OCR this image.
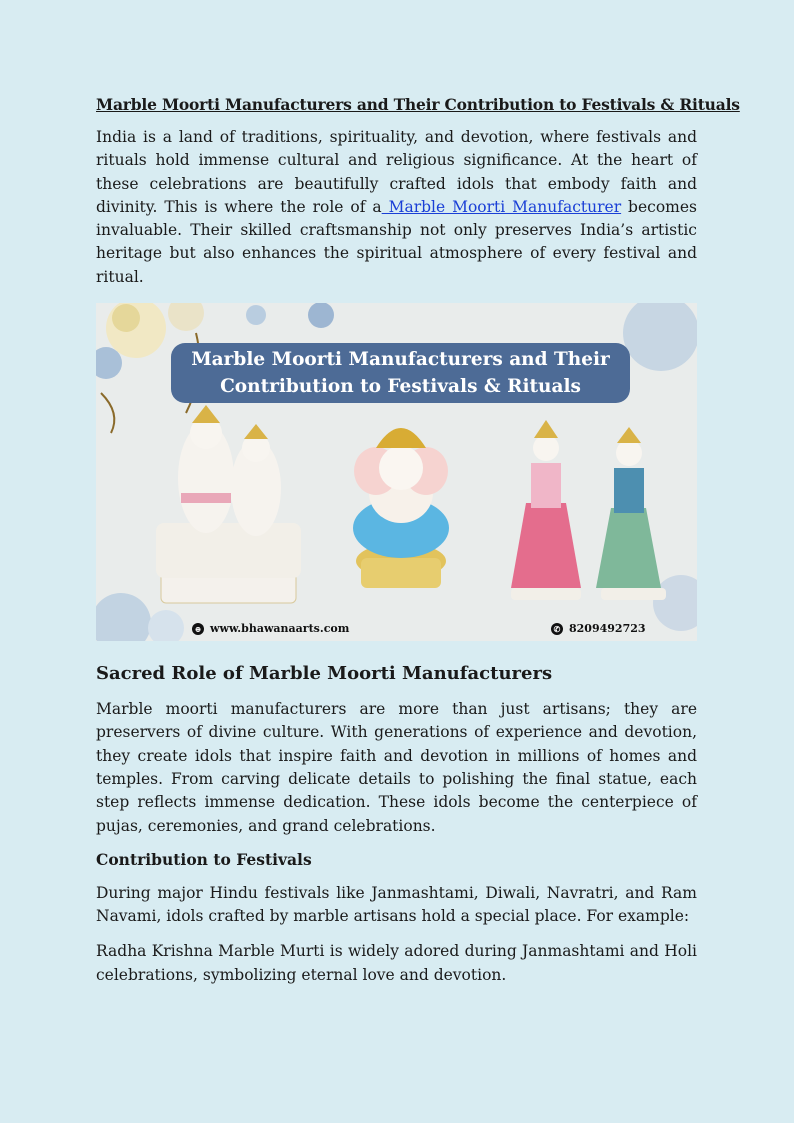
Marble Moorti Manufacturers and Their Contribution to Festivals & Rituals

India is a land of traditions, spirituality, and devotion, where festivals and rituals hold immense cultural and religious significance. At the heart of these celebrations are beautifully crafted idols that embody faith and divinity. This is where the role of a Marble Moorti Manufacturer becomes invaluable. Their skilled craftsmanship not only preserves India’s artistic heritage but also enhances the spiritual atmosphere of every festival and ritual.

Marble Moorti Manufacturers and Their
Contribution to Festivals & Rituals
⊕ www.bhawanaarts.com	✆ 8209492723
Sacred Role of Marble Moorti Manufacturers

Marble moorti manufacturers are more than just artisans; they are preservers of divine culture. With generations of experience and devotion, they create idols that inspire faith and devotion in millions of homes and temples. From carving delicate details to polishing the final statue, each step reflects immense dedication. These idols become the centerpiece of pujas, ceremonies, and grand celebrations.

Contribution to Festivals

During major Hindu festivals like Janmashtami, Diwali, Navratri, and Ram Navami, idols crafted by marble artisans hold a special place. For example:

Radha Krishna Marble Murti is widely adored during Janmashtami and Holi celebrations, symbolizing eternal love and devotion.
